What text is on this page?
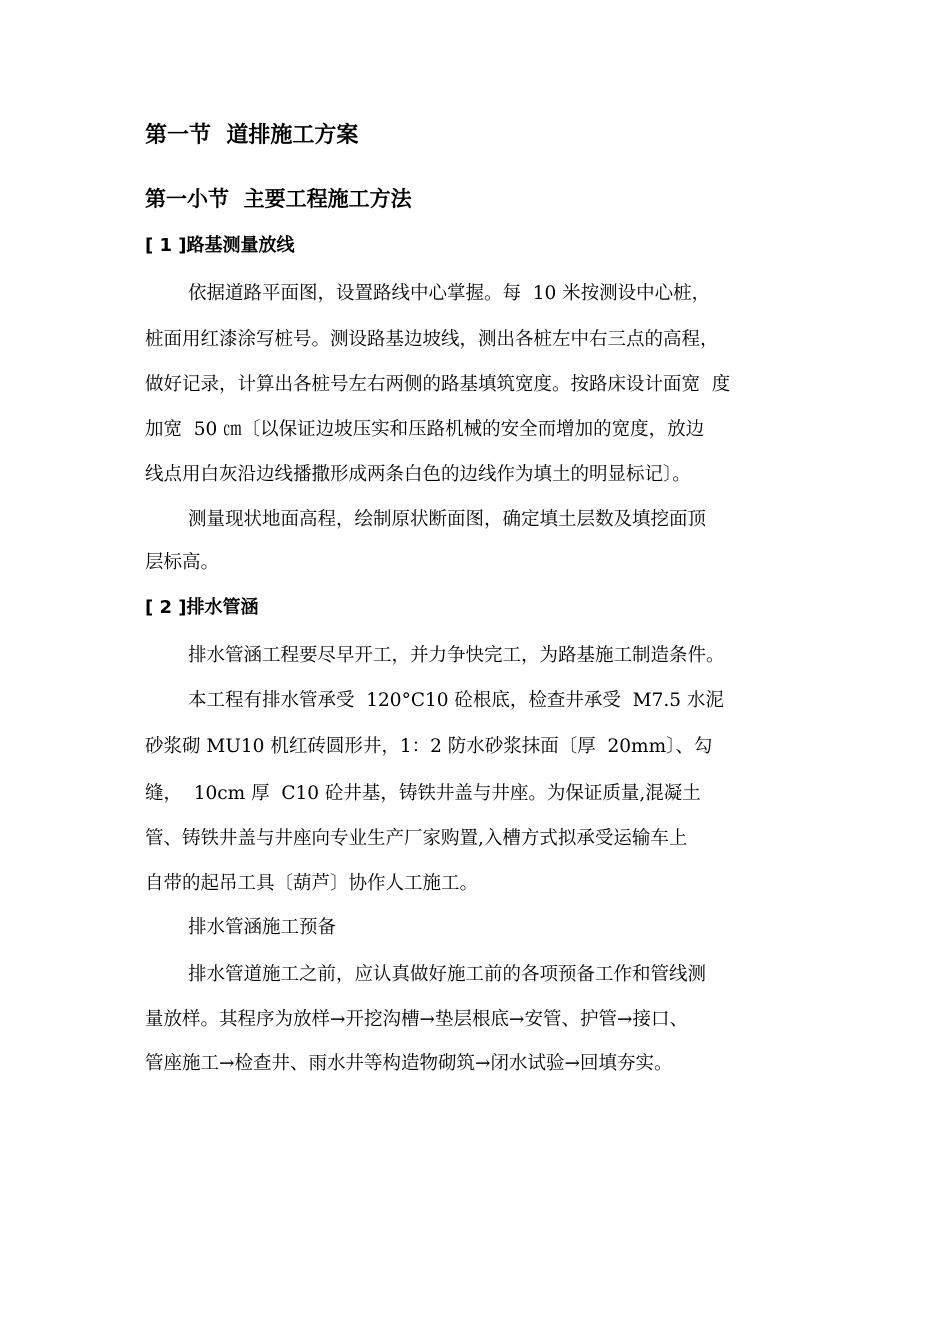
第一节  道排施工方案
第一小节  主要工程施工方法
[ 1 ]路基测量放线
依据道路平面图，设置路线中心掌握。每  10 米按测设中心桩，
桩面用红漆涂写桩号。测设路基边坡线，测出各桩左中右三点的高程，
做好记录，计算出各桩号左右两侧的路基填筑宽度。按路床设计面宽  度
加宽  50 ㎝〔以保证边坡压实和压路机械的安全而增加的宽度，放边
线点用白灰沿边线播撒形成两条白色的边线作为填土的明显标记〕。
测量现状地面高程，绘制原状断面图，确定填土层数及填挖面顶
层标高。
[ 2 ]排水管涵
排水管涵工程要尽早开工，并力争快完工，为路基施工制造条件。
本工程有排水管承受  120°C10 砼根底，检查井承受  M7.5 水泥
砂浆砌 MU10 机红砖圆形井，1：2 防水砂浆抹面〔厚  20mm〕、勾
缝，  10cm 厚  C10 砼井基，铸铁井盖与井座。为保证质量,混凝土
管、铸铁井盖与井座向专业生产厂家购置,入槽方式拟承受运输车上
自带的起吊工具〔葫芦〕协作人工施工。
排水管涵施工预备
排水管道施工之前，应认真做好施工前的各项预备工作和管线测
量放样。其程序为放样→开挖沟槽→垫层根底→安管、护管→接口、
管座施工→检查井、雨水井等构造物砌筑→闭水试验→回填夯实。
